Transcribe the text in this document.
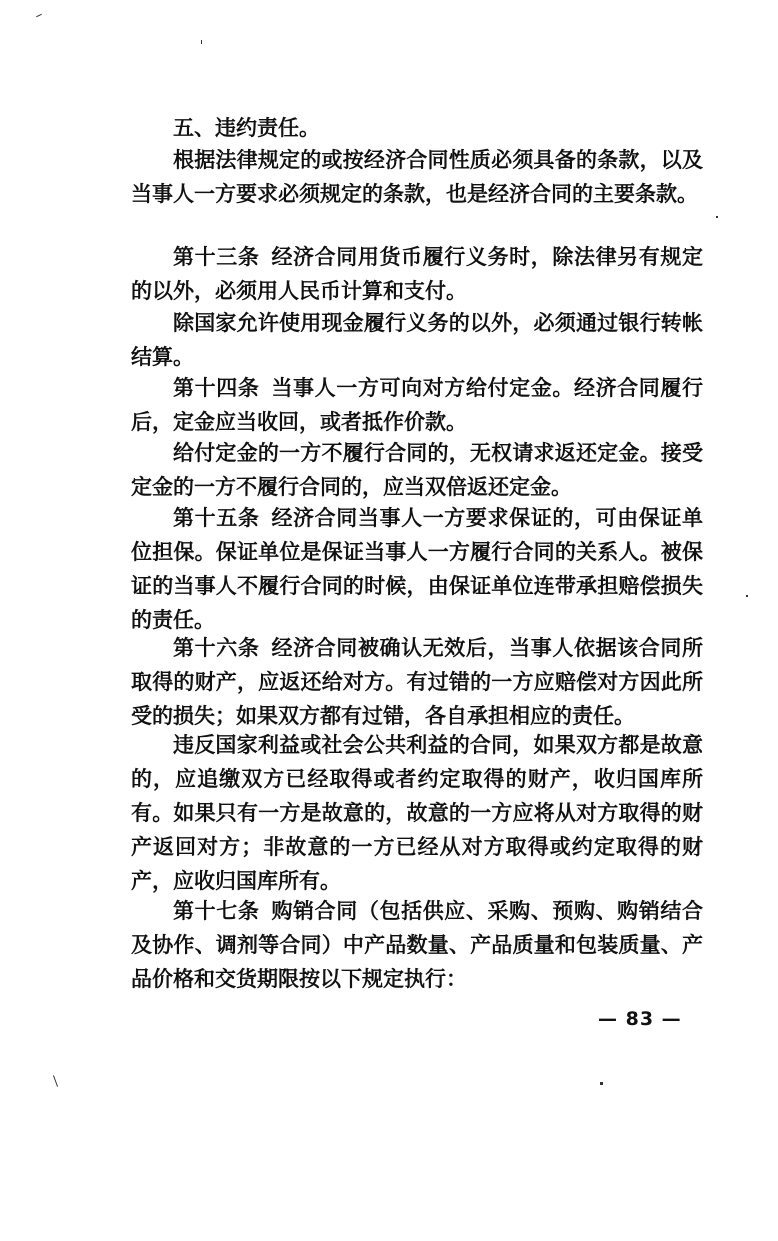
五、违约责任。
根据法律规定的或按经济合同性质必须具备的条款，以及当事人一方要求必须规定的条款，也是经济合同的主要条款。
第十三条 经济合同用货币履行义务时，除法律另有规定的以外，必须用人民币计算和支付。
除国家允许使用现金履行义务的以外，必须通过银行转帐结算。
第十四条 当事人一方可向对方给付定金。经济合同履行后，定金应当收回，或者抵作价款。
给付定金的一方不履行合同的，无权请求返还定金。接受定金的一方不履行合同的，应当双倍返还定金。
第十五条 经济合同当事人一方要求保证的，可由保证单位担保。保证单位是保证当事人一方履行合同的关系人。被保证的当事人不履行合同的时候，由保证单位连带承担赔偿损失的责任。
第十六条 经济合同被确认无效后，当事人依据该合同所取得的财产，应返还给对方。有过错的一方应赔偿对方因此所受的损失；如果双方都有过错，各自承担相应的责任。
违反国家利益或社会公共利益的合同，如果双方都是故意的，应追缴双方已经取得或者约定取得的财产，收归国库所有。如果只有一方是故意的，故意的一方应将从对方取得的财产返回对方；非故意的一方已经从对方取得或约定取得的财产，应收归国库所有。
第十七条 购销合同（包括供应、采购、预购、购销结合及协作、调剂等合同）中产品数量、产品质量和包装质量、产品价格和交货期限按以下规定执行：
— 83 —
